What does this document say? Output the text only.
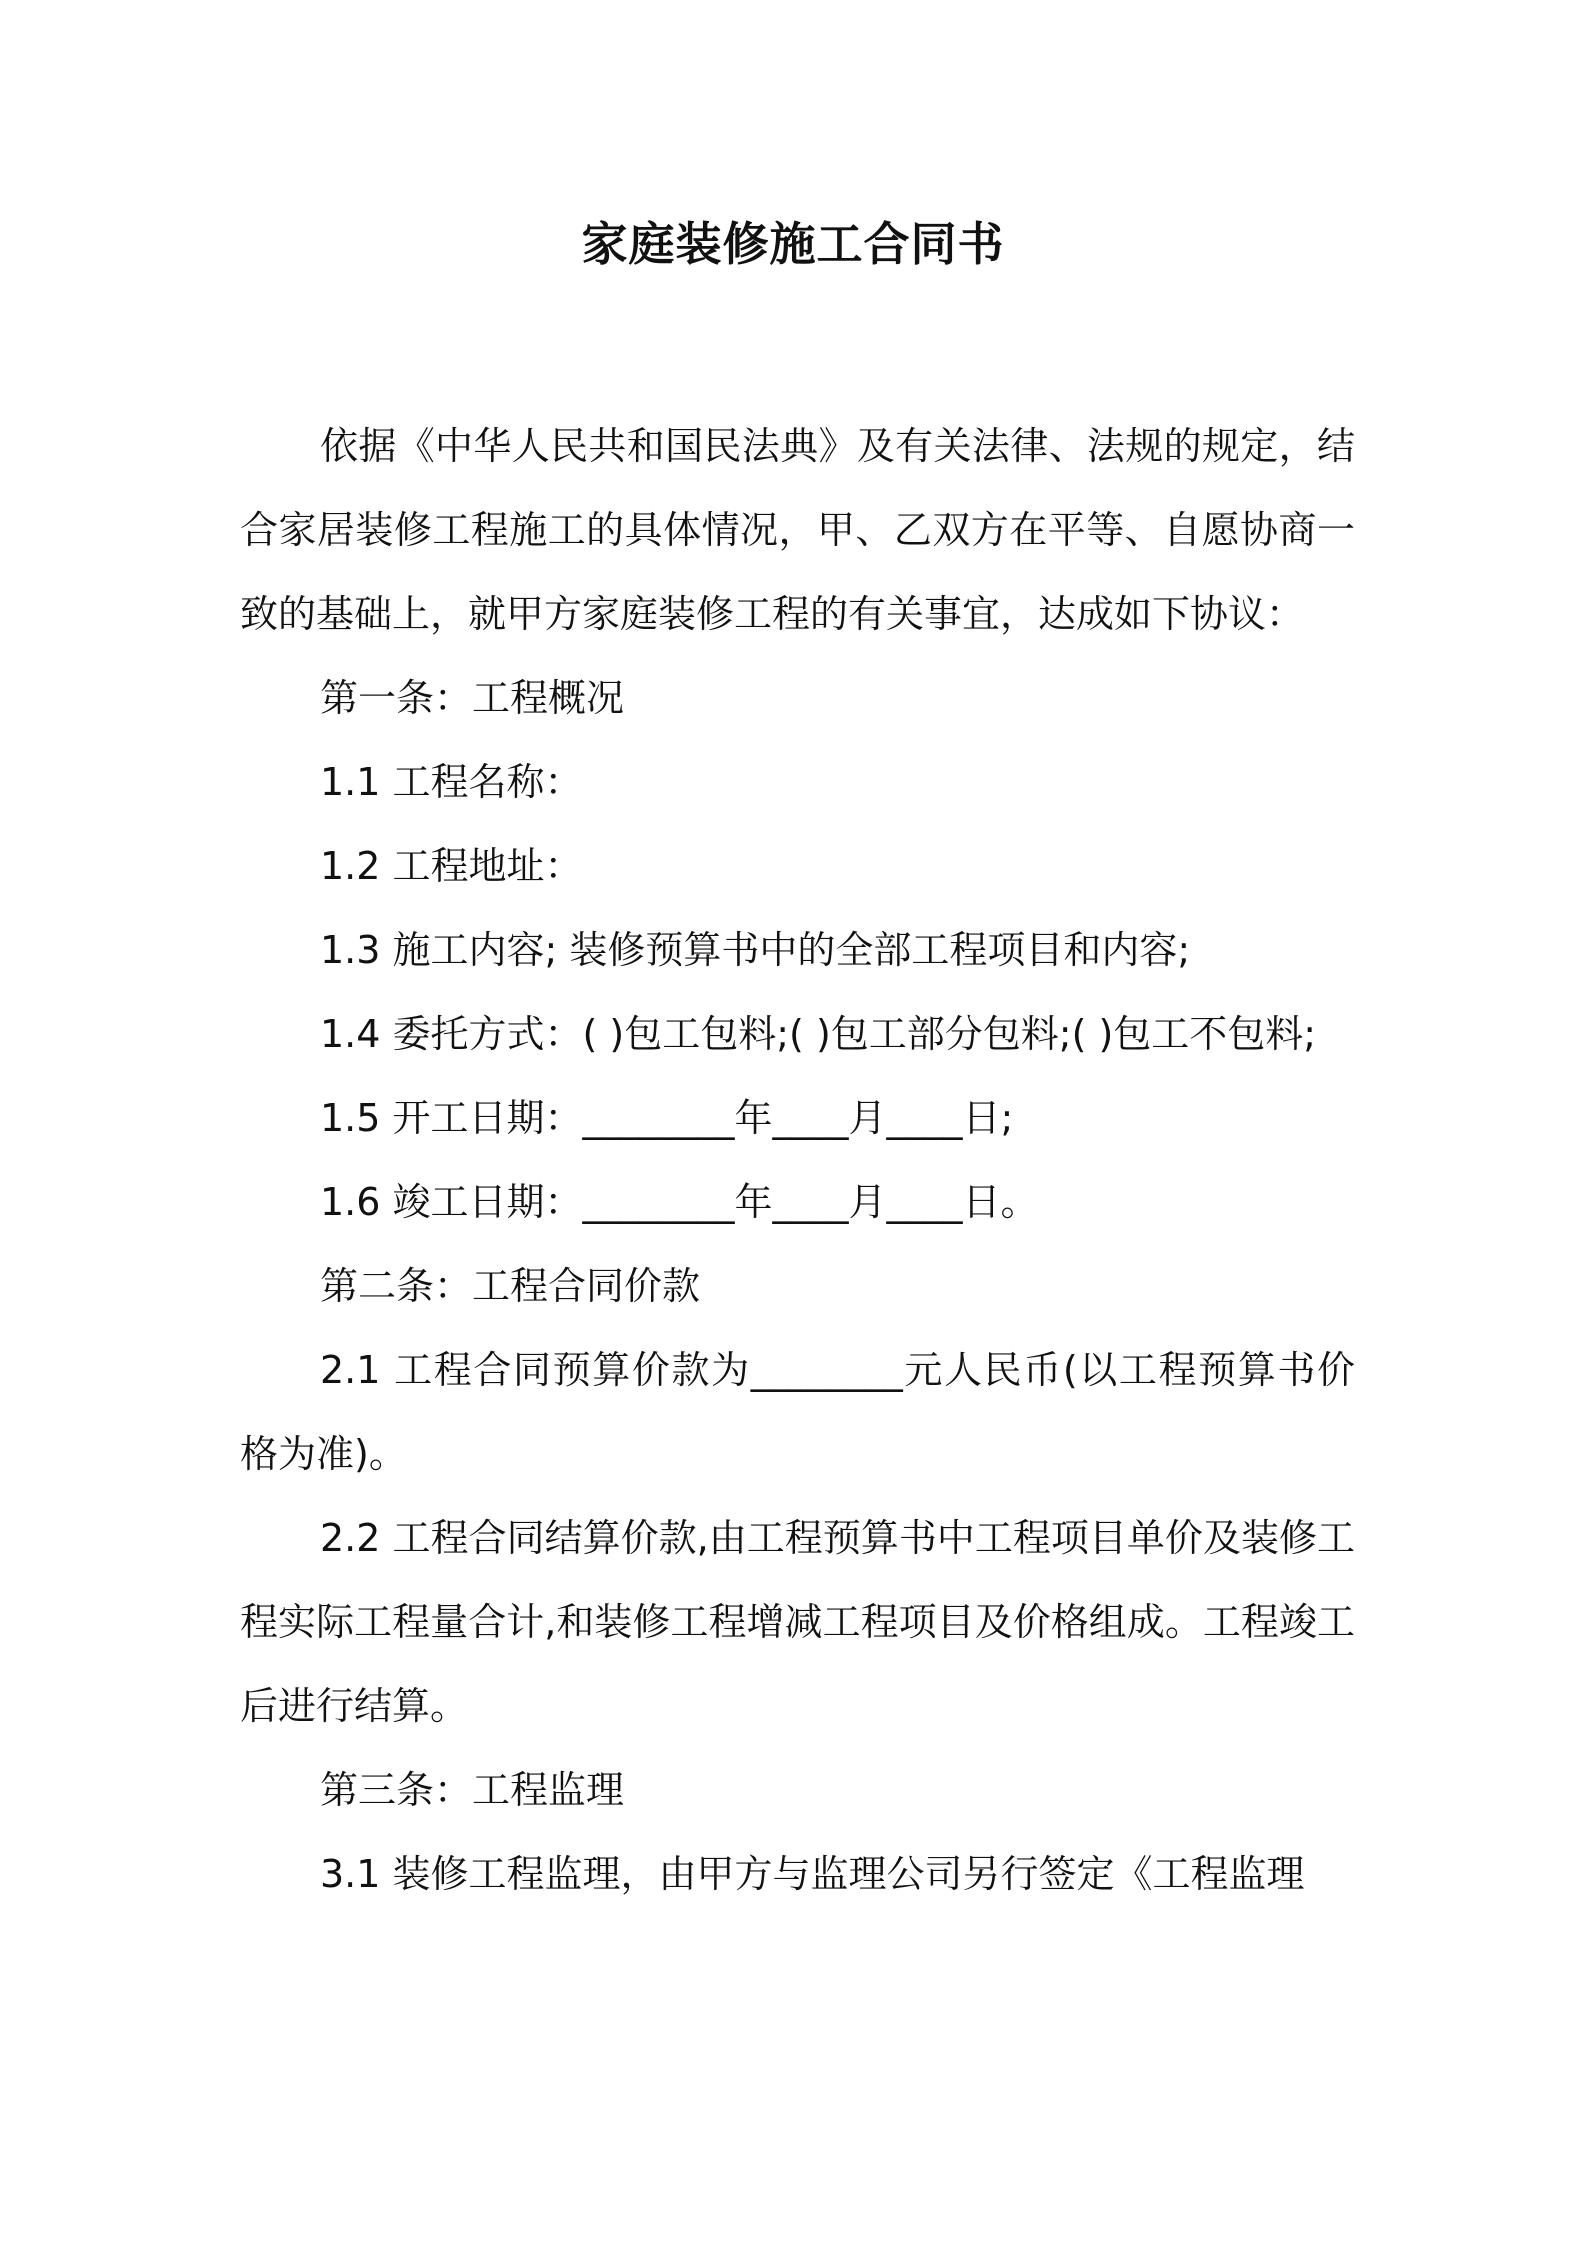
家庭装修施工合同书

依据《中华人民共和国民法典》及有关法律、法规的规定，结合家居装修工程施工的具体情况，甲、乙双方在平等、自愿协商一致的基础上，就甲方家庭装修工程的有关事宜，达成如下协议：

第一条：工程概况

1.1 工程名称：

1.2 工程地址：

1.3 施工内容; 装修预算书中的全部工程项目和内容;

1.4 委托方式：( )包工包料;( )包工部分包料;( )包工不包料;

1.5 开工日期：________年____月____日;

1.6 竣工日期：________年____月____日。

第二条：工程合同价款

2.1 工程合同预算价款为________元人民币(以工程预算书价格为准)。

2.2 工程合同结算价款,由工程预算书中工程项目单价及装修工程实际工程量合计,和装修工程增减工程项目及价格组成。工程竣工后进行结算。

第三条：工程监理

3.1 装修工程监理，由甲方与监理公司另行签定《工程监理
